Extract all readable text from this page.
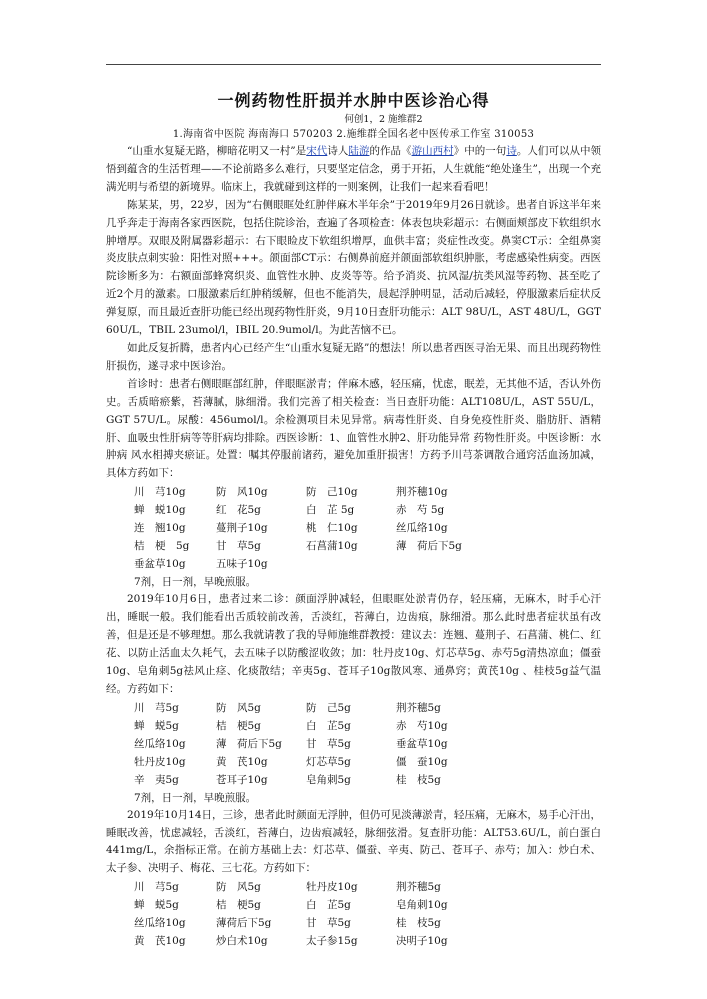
一例药物性肝损并水肿中医诊治心得
何创1，2 施维群2
1.海南省中医院 海南海口 570203 2.施维群全国名老中医传承工作室 310053

“山重水复疑无路，柳暗花明又一村”是宋代诗人陆游的作品《游山西村》中的一句诗。人们可以从中领悟到蕴含的生活哲理——不论前路多么难行，只要坚定信念，勇于开拓，人生就能“绝处逢生”，出现一个充满光明与希望的新境界。临床上，我就碰到这样的一则案例，让我们一起来看看吧！

陈某某，男，22岁，因为“右侧眼眶处红肿伴麻木半年余”于2019年9月26日就诊。患者自诉这半年来几乎奔走于海南各家西医院，包括住院诊治，查遍了各项检查：体表包块彩超示：右侧面颊部皮下软组织水肿增厚。双眼及附属器彩超示：右下眼睑皮下软组织增厚，血供丰富；炎症性改变。鼻窦CT示：全组鼻窦炎皮肤点刺实验：阳性对照+++。颌面部CT示：右侧鼻前庭并颌面部软组织肿胀，考虑感染性病变。西医院诊断多为：右额面部蜂窝织炎、血管性水肿、皮炎等等。给予消炎、抗风湿/抗类风湿等药物、甚至吃了近2个月的激素。口服激素后红肿稍缓解，但也不能消失，晨起浮肿明显，活动后减轻，停服激素后症状反弹复原，而且最近查肝功能已经出现药物性肝炎，9月10日查肝功能示：ALT 98U/L，AST 48U/L，GGT 60U/L，TBIL 23umol/l，IBIL 20.9umol/l。为此苦恼不已。

如此反复折腾，患者内心已经产生“山重水复疑无路”的想法！所以患者西医寻治无果、而且出现药物性肝损伤，遂寻求中医诊治。

首诊时：患者右侧眼眶部红肿，伴眼眶淤青；伴麻木感，轻压痛，忧虑，眠差，无其他不适，否认外伤史。舌质暗瘀紫，苔薄腻，脉细滑。我们完善了相关检查：当日查肝功能：ALT108U/L，AST 55U/L，GGT 57U/L。尿酸：456umol/l。余检测项目未见异常。病毒性肝炎、自身免疫性肝炎、脂肪肝、酒精肝、血吸虫性肝病等等肝病均排除。西医诊断：1、血管性水肿2、肝功能异常 药物性肝炎。中医诊断：水肿病 风水相搏夹瘀证。处置：嘱其停服前诸药，避免加重肝损害！方药予川芎茶调散合通窍活血汤加减，具体方药如下：

川　芎10g	防　风10g	防　己10g	荆芥穗10g
蝉　蜕10g	红　花5g	白　芷 5g	赤　芍 5g
连　翘10g	蔓荆子10g	桃　仁10g	丝瓜络10g
桔　梗　5g	甘　草5g	石菖蒲10g	薄　荷后下5g
垂盆草10g	五味子10g
7剂，日一剂，早晚煎服。

2019年10月6日，患者过来二诊：颜面浮肿减轻，但眼眶处淤青仍存，轻压痛，无麻木，时手心汗出，睡眠一般。我们能看出舌质较前改善，舌淡红，苔薄白，边齿痕，脉细滑。那么此时患者症状虽有改善，但是还是不够理想。那么我就请教了我的导师施维群教授：建议去：连翘、蔓荆子、石菖蒲、桃仁、红花、以防止活血太久耗气，去五味子以防酸涩收敛；加：牡丹皮10g、灯芯草5g、赤芍5g清热凉血；僵蚕10g、皂角刺5g祛风止痉、化痰散结；辛夷5g、苍耳子10g散风寒、通鼻窍；黄芪10g 、桂枝5g益气温经。方药如下：

川　芎5g	防　风5g	防　己5g	荆芥穗5g
蝉　蜕5g	桔　梗5g	白　芷5g	赤　芍10g
丝瓜络10g	薄　荷后下5g 甘　草5g	垂盆草10g
牡丹皮10g	黄　芪10g	灯芯草5g	僵　蚕10g
辛　夷5g	苍耳子10g	皂角刺5g	桂　枝5g
7剂，日一剂，早晚煎服。

2019年10月14日，三诊，患者此时颜面无浮肿，但仍可见淡薄淤青，轻压痛，无麻木，易手心汗出，睡眠改善，忧虑减轻，舌淡红，苔薄白，边齿痕减轻，脉细弦滑。复查肝功能：ALT53.6U/L，前白蛋白441mg/L，余指标正常。在前方基础上去：灯芯草、僵蚕、辛夷、防己、苍耳子、赤芍；加入：炒白术、太子参、决明子、梅花、三七花。方药如下：

川　芎5g	防　风5g	牡丹皮10g	荆芥穗5g
蝉　蜕5g	桔　梗5g	白　芷5g	皂角刺10g
丝瓜络10g	薄荷后下5g	甘　草5g	桂　枝5g
黄　芪10g	炒白术10g	太子参15g	决明子10g
